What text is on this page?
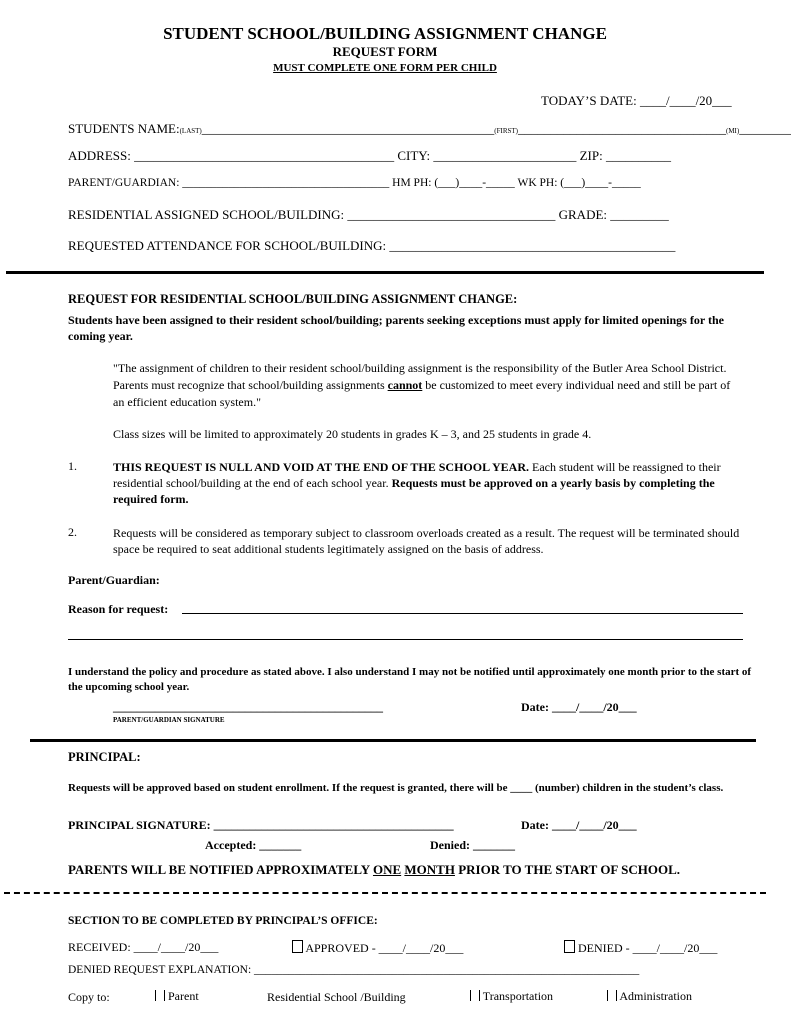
STUDENT SCHOOL/BUILDING ASSIGNMENT CHANGE
REQUEST FORM
MUST COMPLETE ONE FORM PER CHILD
TODAY’S DATE: ____/____/20___
STUDENTS NAME:(LAST)_____________________________________________(FIRST)________________________________(MI)________
ADDRESS: ________________________________________ CITY: ______________________ ZIP: __________
PARENT/GUARDIAN: ____________________________________ HM PH: (___)____-_____ WK PH: (___)____-_____
RESIDENTIAL ASSIGNED SCHOOL/BUILDING: ________________________________ GRADE: _________
REQUESTED ATTENDANCE FOR SCHOOL/BUILDING: ____________________________________________
REQUEST FOR RESIDENTIAL SCHOOL/BUILDING ASSIGNMENT CHANGE:
Students have been assigned to their resident school/building; parents seeking exceptions must apply for limited openings for the coming year.
"The assignment of children to their resident school/building assignment is the responsibility of the Butler Area School District. Parents must recognize that school/building assignments cannot be customized to meet every individual need and still be part of an efficient education system."
Class sizes will be limited to approximately 20 students in grades K – 3, and 25 students in grade 4.
1.	THIS REQUEST IS NULL AND VOID AT THE END OF THE SCHOOL YEAR. Each student will be reassigned to their residential school/building at the end of each school year. Requests must be approved on a yearly basis by completing the required form.
2.	Requests will be considered as temporary subject to classroom overloads created as a result. The request will be terminated should space be required to seat additional students legitimately assigned on the basis of address.
Parent/Guardian:
Reason for request:
I understand the policy and procedure as stated above. I also understand I may not be notified until approximately one month prior to the start of the upcoming school year.
_____________________________________________
PARENT/GUARDIAN SIGNATURE
Date: ____/____/20___
PRINCIPAL:
Requests will be approved based on student enrollment. If the request is granted, there will be ____ (number) children in the student’s class.
PRINCIPAL SIGNATURE: ________________________________________	Date: ____/____/20___
Accepted: _______	Denied: _______
PARENTS WILL BE NOTIFIED APPROXIMATELY ONE MONTH PRIOR TO THE START OF SCHOOL.
SECTION TO BE COMPLETED BY PRINCIPAL’S OFFICE:
RECEIVED: ____/____/20___	APPROVED - ____/____/20___	DENIED - ____/____/20___
DENIED REQUEST EXPLANATION: ___________________________________________________________________
Copy to:	Parent	Residential School /Building	Transportation	Administration
